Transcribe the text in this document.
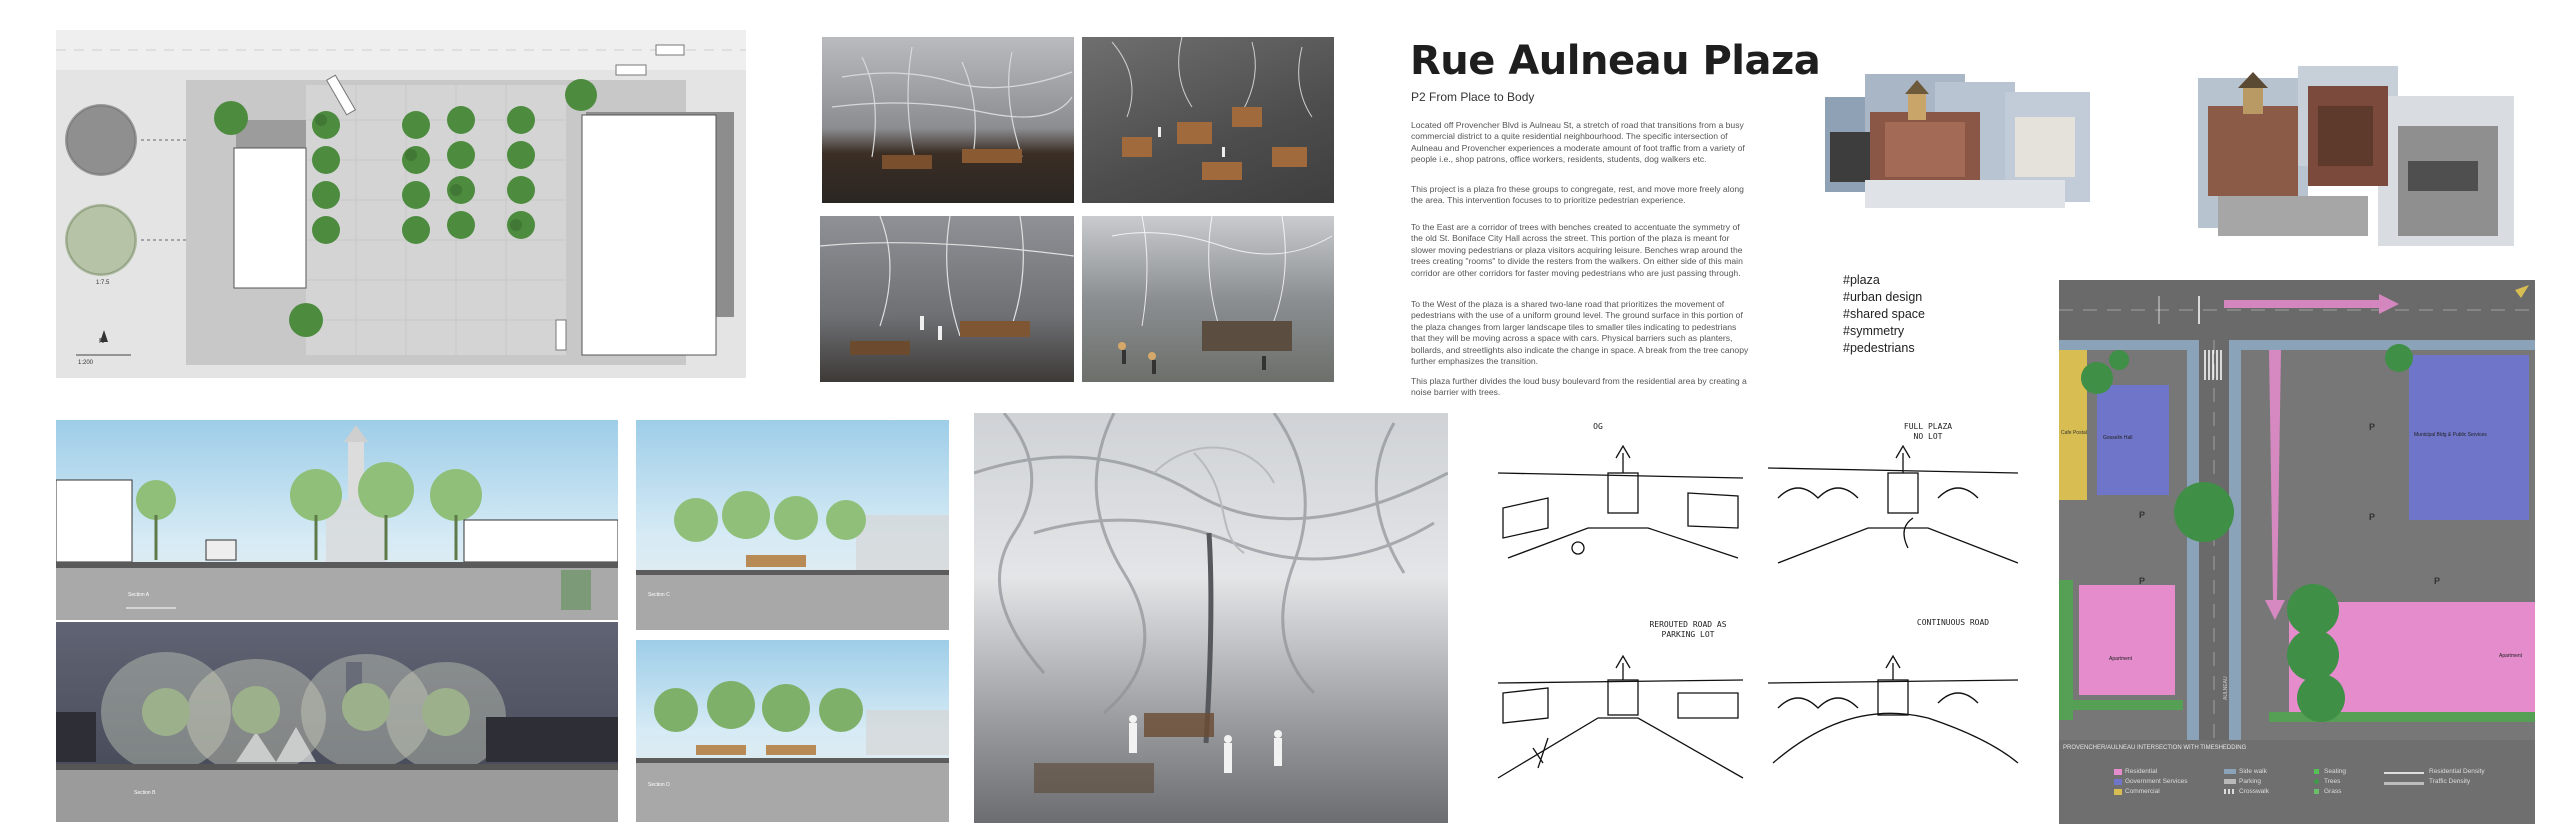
N
1:200
1:7.5
Rue Aulneau Plaza
P2 From Place to Body

Located off Provencher Blvd is Aulneau St, a stretch of road that transitions from a busy commercial district to a quite residential neighbourhood. The specific intersection of Aulneau and Provencher experiences a moderate amount of foot traffic from a variety of people i.e., shop patrons, office workers, residents, students, dog walkers etc.

This project is a plaza fro these groups to congregate, rest, and move more freely along the area. This intervention focuses to to prioritize pedestrian experience.

To the East are a corridor of trees with benches created to accentuate the symmetry of the old St. Boniface City Hall across the street. This portion of the plaza is meant for slower moving pedestrians or plaza visitors acquiring leisure. Benches wrap around the trees creating "rooms" to divide the resters from the walkers. On either side of this main corridor are other corridors for faster moving pedestrians who are just passing through.

To the West of the plaza is a shared two-lane road that prioritizes the movement of pedestrians with the use of a uniform ground level. The ground surface in this portion of the plaza changes from larger landscape tiles to smaller tiles indicating to pedestrians that they will be moving across a space with cars. Physical barriers such as planters, bollards, and streetlights also indicate the change in space. A break from the tree canopy further emphasizes the transition.

This plaza further divides the loud busy boulevard from the residential area by creating a noise barrier with trees.

#plaza
#urban design
#shared space
#symmetry
#pedestrians
Section A
Section B
Section C
Section D
OG	FULL PLAZA
NO LOT
REROUTED ROAD AS
PARKING LOT
CONTINUOUS ROAD
Cafe Postal
Gosselin Hall	Municipal Bldg & Public Services
Apartment	Apartment
P
P	P
P	P
AULNEAU
PROVENCHER/AULNEAU INTERSECTION WITH TIMESHEDDING
Residential
Government Services
Commercial
Side walk
Parking
Crosswalk
Seating
Trees
Grass
Residential Density
Traffic Density
